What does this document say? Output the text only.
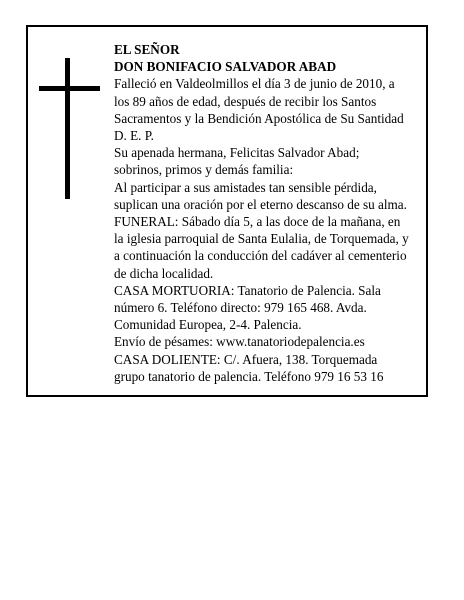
EL SEÑOR
DON BONIFACIO SALVADOR ABAD
Falleció en Valdeolmillos el día 3 de junio de 2010, a
los 89 años de edad, después de recibir los Santos
Sacramentos y la Bendición Apostólica de Su Santidad
D. E. P.
Su apenada hermana, Felicitas Salvador Abad;
sobrinos, primos y demás familia:
Al participar a sus amistades tan sensible pérdida,
suplican una oración por el eterno descanso de su alma.
FUNERAL: Sábado día 5, a las doce de la mañana, en
la iglesia parroquial de Santa Eulalia, de Torquemada, y
a continuación la conducción del cadáver al cementerio
de dicha localidad.
CASA MORTUORIA: Tanatorio de Palencia. Sala
número 6. Teléfono directo: 979 165 468. Avda.
Comunidad Europea, 2-4. Palencia.
Envío de pésames: www.tanatoriodepalencia.es
CASA DOLIENTE: C/. Afuera, 138. Torquemada
grupo tanatorio de palencia. Teléfono 979 16 53 16
